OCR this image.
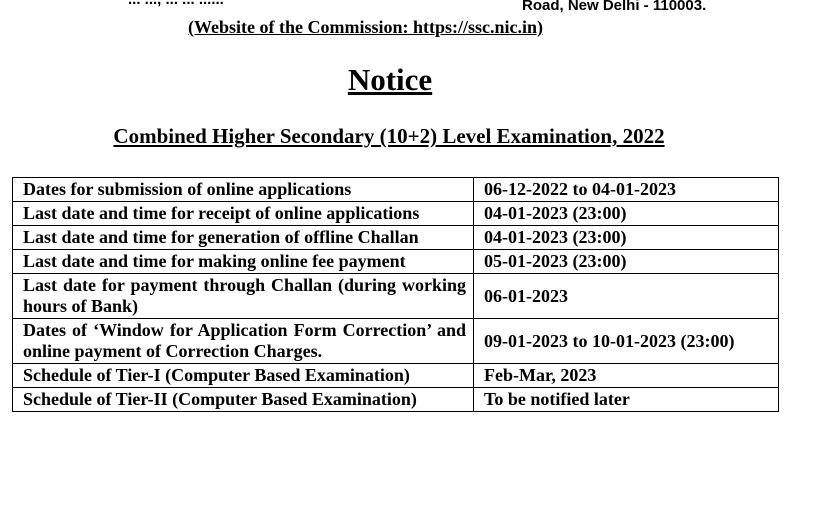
Road, New Delhi - 110003.
(Website of the Commission: https://ssc.nic.in)
Notice
Combined Higher Secondary (10+2) Level Examination, 2022
Dates for submission of online applications	06-12-2022 to 04-01-2023
Last date and time for receipt of online applications	04-01-2023 (23:00)
Last date and time for generation of offline Challan	04-01-2023 (23:00)
Last date and time for making online fee payment	05-01-2023 (23:00)
Last date for payment through Challan (during working hours of Bank)	06-01-2023
Dates of ‘Window for Application Form Correction’ and online payment of Correction Charges.	09-01-2023 to 10-01-2023 (23:00)
Schedule of Tier-I (Computer Based Examination)	Feb-Mar, 2023
Schedule of Tier-II (Computer Based Examination)	To be notified later
